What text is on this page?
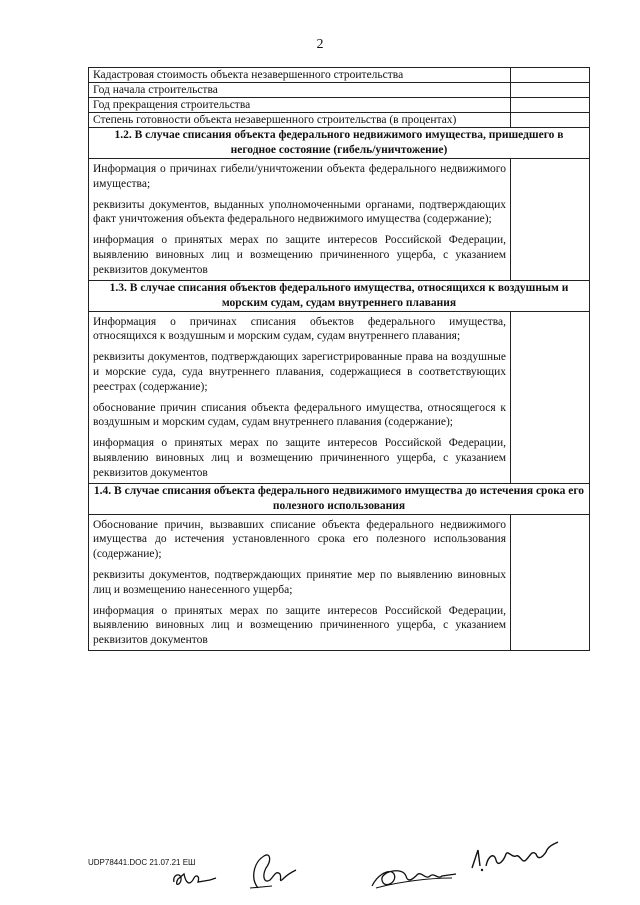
2
Кадастровая стоимость объекта незавершенного строительства	
Год начала строительства	
Год прекращения строительства	
Степень готовности объекта незавершенного строительства (в процентах)	
1.2. В случае списания объекта федерального недвижимого имущества, пришедшего в негодное состояние (гибель/уничтожение)	

Информация о причинах гибели/уничтожении объекта федерального недвижимого имущества;

реквизиты документов, выданных уполномоченными органами, подтверждающих факт уничтожения объекта федерального недвижимого имущества (содержание);

информация о принятых мерах по защите интересов Российской Федерации, выявлению виновных лиц и возмещению причиненного ущерба, с указанием реквизитов документов	

1.3. В случае списания объектов федерального имущества, относящихся к воздушным и морским судам, судам внутреннего плавания	

Информация о причинах списания объектов федерального имущества, относящихся к воздушным и морским судам, судам внутреннего плавания;

реквизиты документов, подтверждающих зарегистрированные права на воздушные и морские суда, суда внутреннего плавания, содержащиеся в соответствующих реестрах (содержание);

обоснование причин списания объекта федерального имущества, относящегося к воздушным и морским судам, судам внутреннего плавания (содержание);

информация о принятых мерах по защите интересов Российской Федерации, выявлению виновных лиц и возмещению причиненного ущерба, с указанием реквизитов документов	

1.4. В случае списания объекта федерального недвижимого имущества до истечения срока его полезного использования	

Обоснование причин, вызвавших списание объекта федерального недвижимого имущества до истечения установленного срока его полезного использования (содержание);

реквизиты документов, подтверждающих принятие мер по выявлению виновных лиц и возмещению нанесенного ущерба;

информация о принятых мерах по защите интересов Российской Федерации, выявлению виновных лиц и возмещению причиненного ущерба, с указанием реквизитов документов	

UDP78441.DOC 21.07.21 ЕШ
